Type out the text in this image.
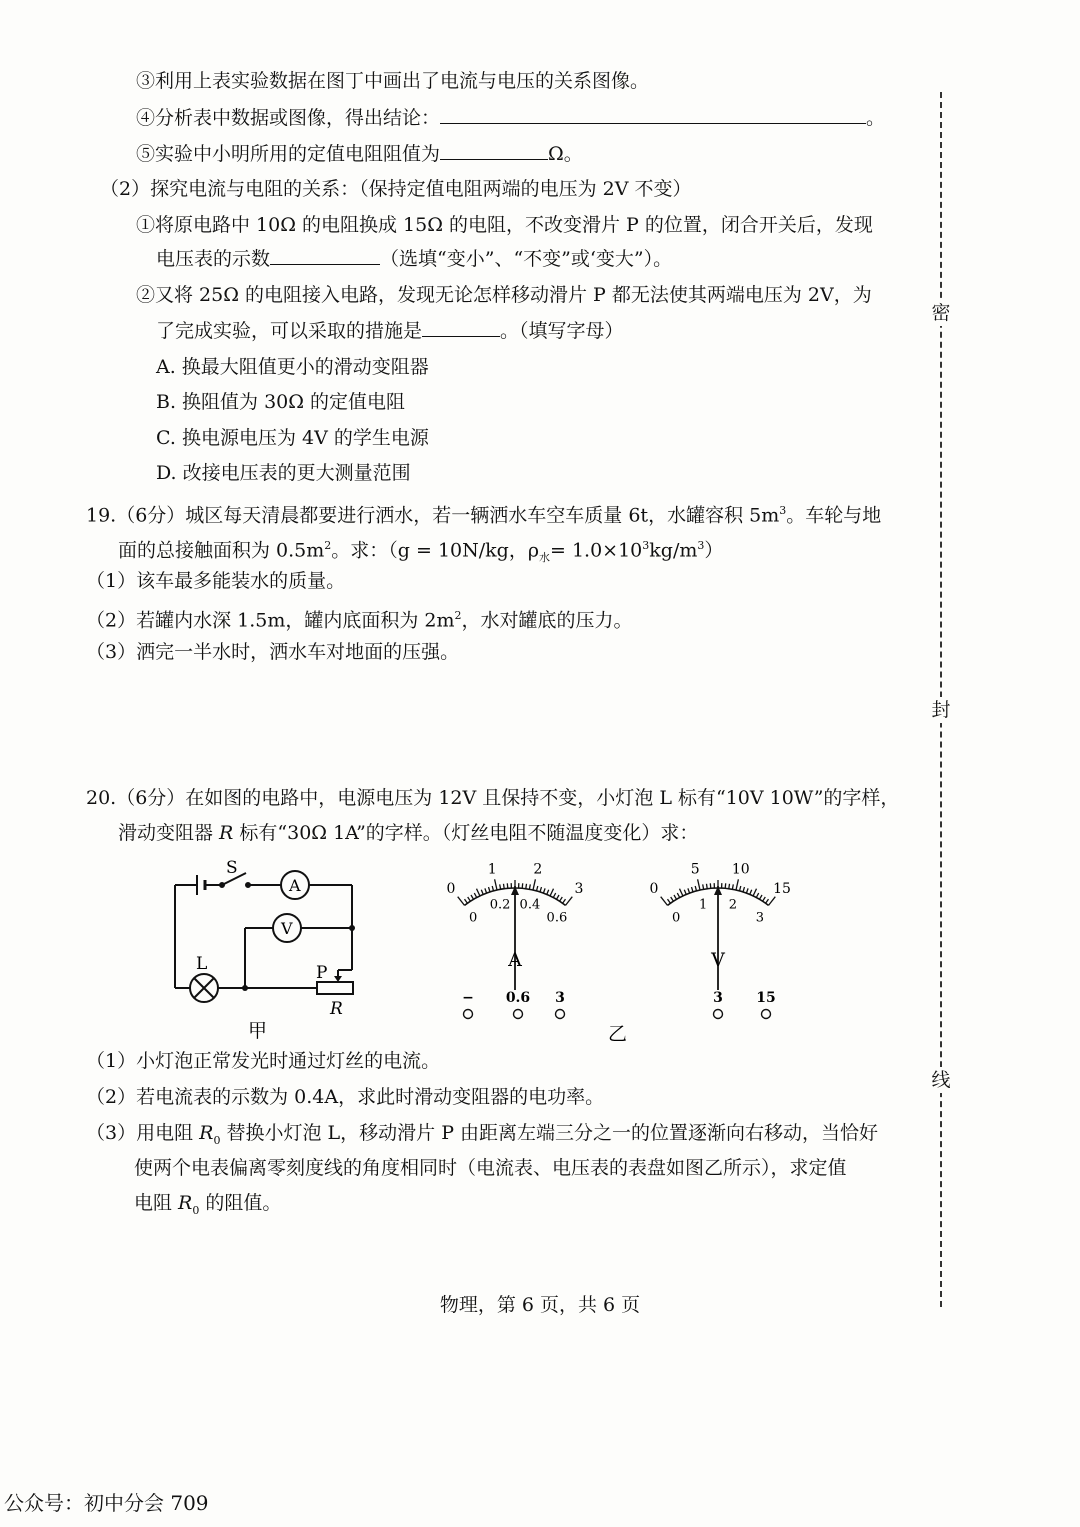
③利用上表实验数据在图丁中画出了电流与电压的关系图像。
④分析表中数据或图像，得出结论：	。
⑤实验中小明所用的定值电阻阻值为	Ω。
（2）探究电流与电阻的关系：（保持定值电阻两端的电压为 2V 不变）
①将原电路中 10Ω 的电阻换成 15Ω 的电阻，不改变滑片 P 的位置，闭合开关后，发现
电压表的示数	（选填“变小”、“不变”或‘变大”）。
②又将 25Ω 的电阻接入电路，发现无论怎样移动滑片 P 都无法使其两端电压为 2V，为
了完成实验，可以采取的措施是	。（填写字母）
A. 换最大阻值更小的滑动变阻器
B. 换阻值为 30Ω 的定值电阻
C. 换电源电压为 4V 的学生电源
D. 改接电压表的更大测量范围
19.（6分）城区每天清晨都要进行洒水，若一辆洒水车空车质量 6t，水罐容积 $5m^3$。车轮与地
面的总接触面积为 $0.5m^2$。求：（g = 10N/kg，$\rho_水= 1.0\times 10^3kg/m^3$）
（1）该车最多能装水的质量。
（2）若罐内水深 1.5m，罐内底面积为 $2m^2$，水对罐底的压力。
（3）洒完一半水时，洒水车对地面的压强。
20.（6分）在如图的电路中，电源电压为 12V 且保持不变，小灯泡 L 标有“10V 10W”的字样，
滑动变阻器 R 标有“30Ω 1A”的字样。（灯丝电阻不随温度变化）求：
S
A
V
L	P
R
甲
0
1	2
3
0
0.2 0.4
0.6
A
− 0.6 3
0
5 10
15
0
1 2
3
V
3 15
乙
（1）小灯泡正常发光时通过灯丝的电流。
（2）若电流表的示数为 0.4A，求此时滑动变阻器的电功率。
（3）用电阻 $R_0$ 替换小灯泡 L，移动滑片 P 由距离左端三分之一的位置逐渐向右移动，当恰好
使两个电表偏离零刻度线的角度相同时（电流表、电压表的表盘如图乙所示），求定值
电阻 $R_0$ 的阻值。
密
封
线
物理，第 6 页，共 6 页
公众号：初中分会 709
